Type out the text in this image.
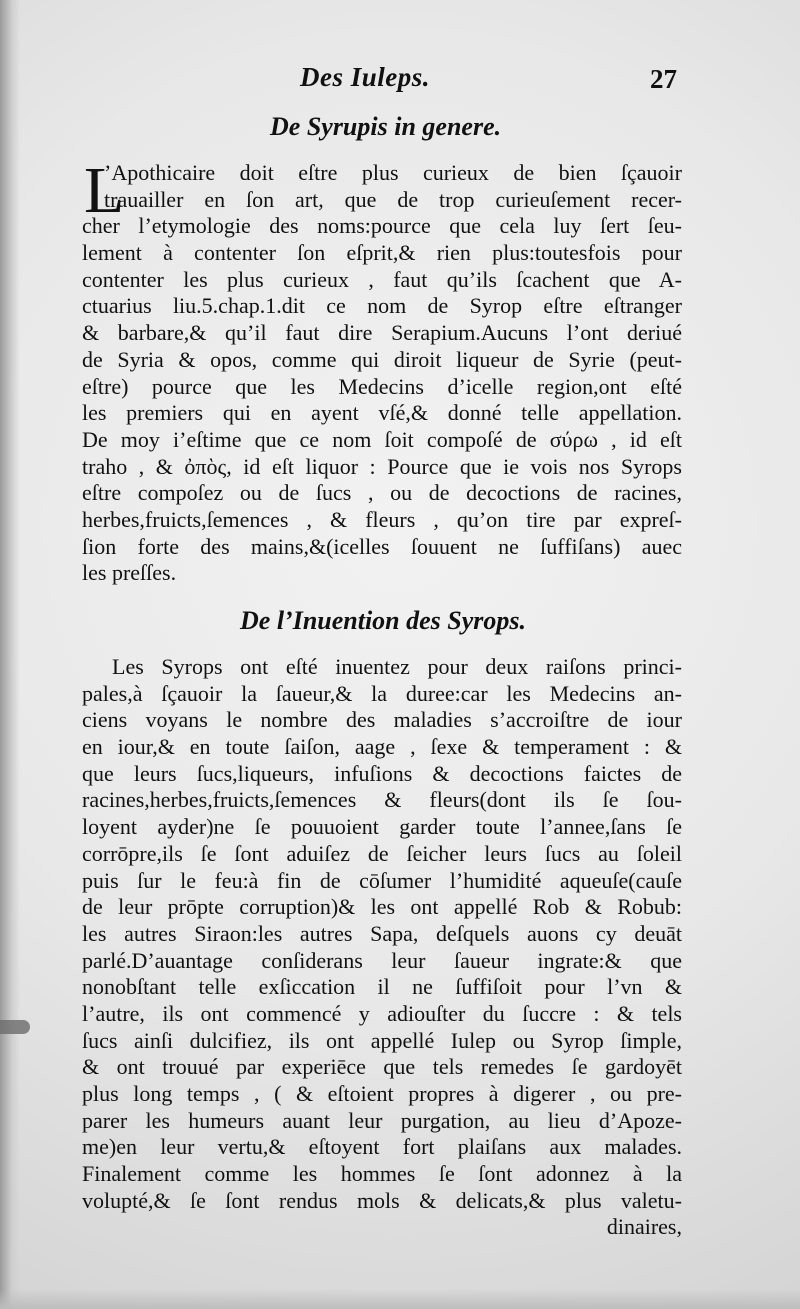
Des Iuleps.	27
De Syrupis in genere.
L
’Apothicaire doit eſtre plus curieux de bien ſçauoir
trauailler en ſon art, que de trop curieuſement recer-
cher l’etymologie des noms:pource que cela luy ſert ſeu-
lement à contenter ſon eſprit,& rien plus:toutesfois pour
contenter les plus curieux , faut qu’ils ſcachent que A-
ctuarius liu.5.chap.1.dit ce nom de Syrop eſtre eſtranger
& barbare,& qu’il faut dire Serapium.Aucuns l’ont deriué
de Syria & opos, comme qui diroit liqueur de Syrie (peut-
eſtre) pource que les Medecins d’icelle region,ont eſté
les premiers qui en ayent vſé,& donné telle appellation.
De moy i’eſtime que ce nom ſoit compoſé de σύρω , id eſt
traho , & ὀπὸς, id eſt liquor : Pource que ie vois nos Syrops
eſtre compoſez ou de ſucs , ou de decoctions de racines,
herbes,fruicts,ſemences , & fleurs , qu’on tire par expreſ-
ſion forte des mains,&(icelles ſouuent ne ſuffiſans) auec
les preſſes.
De l’Inuention des Syrops.
Les Syrops ont eſté inuentez pour deux raiſons princi-
pales,à ſçauoir la ſaueur,& la duree:car les Medecins an-
ciens voyans le nombre des maladies s’accroiſtre de iour
en iour,& en toute ſaiſon, aage , ſexe & temperament : &
que leurs ſucs,liqueurs, infuſions & decoctions faictes de
racines,herbes,fruicts,ſemences & fleurs(dont ils ſe ſou-
loyent ayder)ne ſe pouuoient garder toute l’annee,ſans ſe
corrōpre,ils ſe ſont aduiſez de ſeicher leurs ſucs au ſoleil
puis ſur le feu:à fin de cōſumer l’humidité aqueuſe(cauſe
de leur prōpte corruption)& les ont appellé Rob & Robub:
les autres Siraon:les autres Sapa, deſquels auons cy deuāt
parlé.D’auantage conſiderans leur ſaueur ingrate:& que
nonobſtant telle exſiccation il ne ſuffiſoit pour l’vn &
l’autre, ils ont commencé y adiouſter du ſuccre : & tels
ſucs ainſi dulcifiez, ils ont appellé Iulep ou Syrop ſimple,
& ont trouué par experiēce que tels remedes ſe gardoyēt
plus long temps , ( & eſtoient propres à digerer , ou pre-
parer les humeurs auant leur purgation, au lieu d’Apoze-
me)en leur vertu,& eſtoyent fort plaiſans aux malades.
Finalement comme les hommes ſe ſont adonnez à la
volupté,& ſe ſont rendus mols & delicats,& plus valetu-
dinaires,
